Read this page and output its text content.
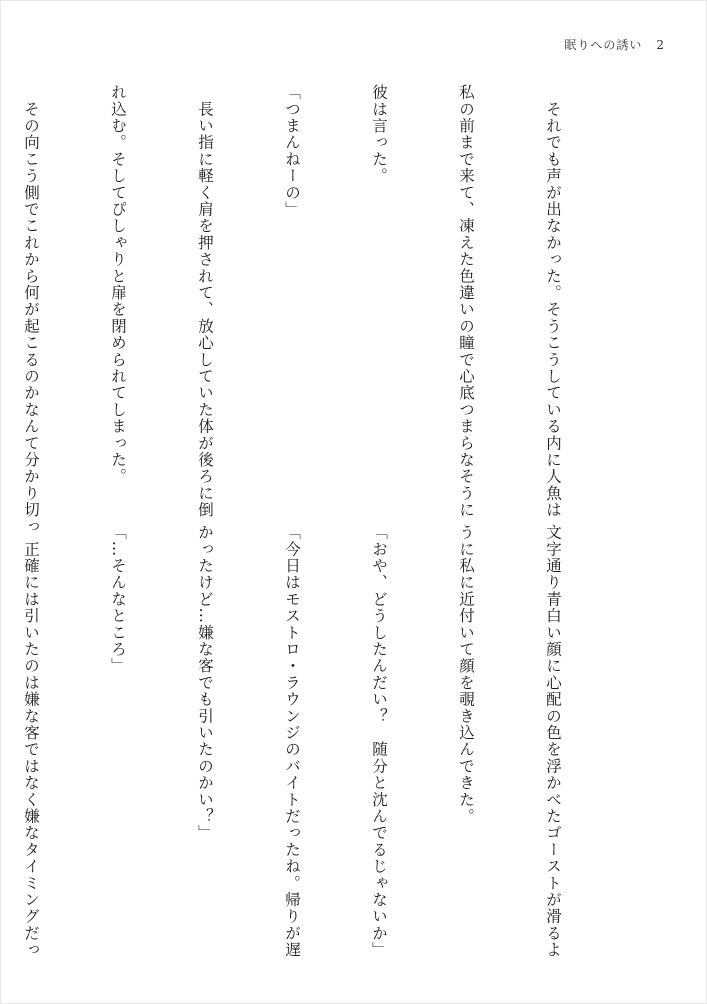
眠りへの誘い 2

　それでも声が出なかった。そうこうしている内に人魚は

私の前まで来て、凍えた色違いの瞳で心底つまらなそうに

彼は言った。

「つまんねーの」

　長い指に軽く肩を押されて、放心していた体が後ろに倒

れ込む。そしてぴしゃりと扉を閉められてしまった。

　その向こう側でこれから何が起こるのかなんて分かり切っ

文字通り青白い顔に心配の色を浮かべたゴーストが滑るよ

うに私に近付いて顔を覗き込んできた。

「おや、どうしたんだい？　随分と沈んでるじゃないか」

「今日はモストロ・ラウンジのバイトだったね。帰りが遅

かったけど…嫌な客でも引いたのかい？」

「…そんなところ」

　正確には引いたのは嫌な客ではなく嫌なタイミングだっ
